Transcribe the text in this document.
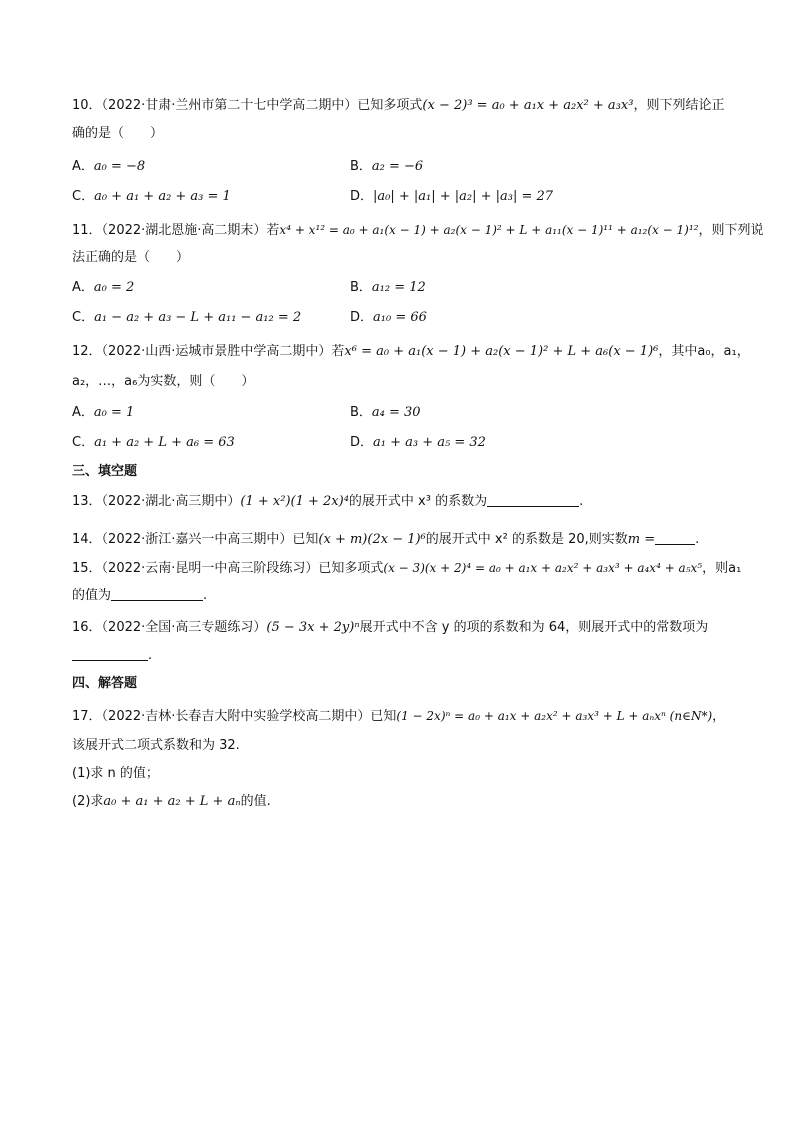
10．（2022·甘肃·兰州市第二十七中学高二期中）已知多项式(x − 2)³ = a₀ + a₁x + a₂x² + a₃x³，则下列结论正
确的是（　　）
A．a₀ = −8	B．a₂ = −6
C．a₀ + a₁ + a₂ + a₃ = 1	D．|a₀| + |a₁| + |a₂| + |a₃| = 27
11．（2022·湖北恩施·高二期末）若x⁴ + x¹² = a₀ + a₁(x − 1) + a₂(x − 1)² + L + a₁₁(x − 1)¹¹ + a₁₂(x − 1)¹²，则下列说
法正确的是（　　）
A．a₀ = 2	B．a₁₂ = 12
C．a₁ − a₂ + a₃ − L + a₁₁ − a₁₂ = 2	D．a₁₀ = 66
12．（2022·山西·运城市景胜中学高二期中）若x⁶ = a₀ + a₁(x − 1) + a₂(x − 1)² + L + a₆(x − 1)⁶，其中a₀，a₁，
a₂，…，a₆为实数，则（　　）
A．a₀ = 1	B．a₄ = 30
C．a₁ + a₂ + L + a₆ = 63	D．a₁ + a₃ + a₅ = 32
三、填空题
13．（2022·湖北·高三期中）(1 + x²)(1 + 2x)⁴的展开式中 x³ 的系数为	.
14．（2022·浙江·嘉兴一中高三期中）已知(x + m)(2x − 1)⁶的展开式中 x² 的系数是 20,则实数m =	.
15．（2022·云南·昆明一中高三阶段练习）已知多项式(x − 3)(x + 2)⁴ = a₀ + a₁x + a₂x² + a₃x³ + a₄x⁴ + a₅x⁵，则a₁
的值为	.
16．（2022·全国·高三专题练习）(5 − 3x + 2y)ⁿ展开式中不含 y 的项的系数和为 64，则展开式中的常数项为
.
四、解答题
17．（2022·吉林·长春吉大附中实验学校高二期中）已知(1 − 2x)ⁿ = a₀ + a₁x + a₂x² + a₃x³ + L + aₙxⁿ (n∈N*)，
该展开式二项式系数和为 32.
(1)求 n 的值；
(2)求a₀ + a₁ + a₂ + L + aₙ的值.
